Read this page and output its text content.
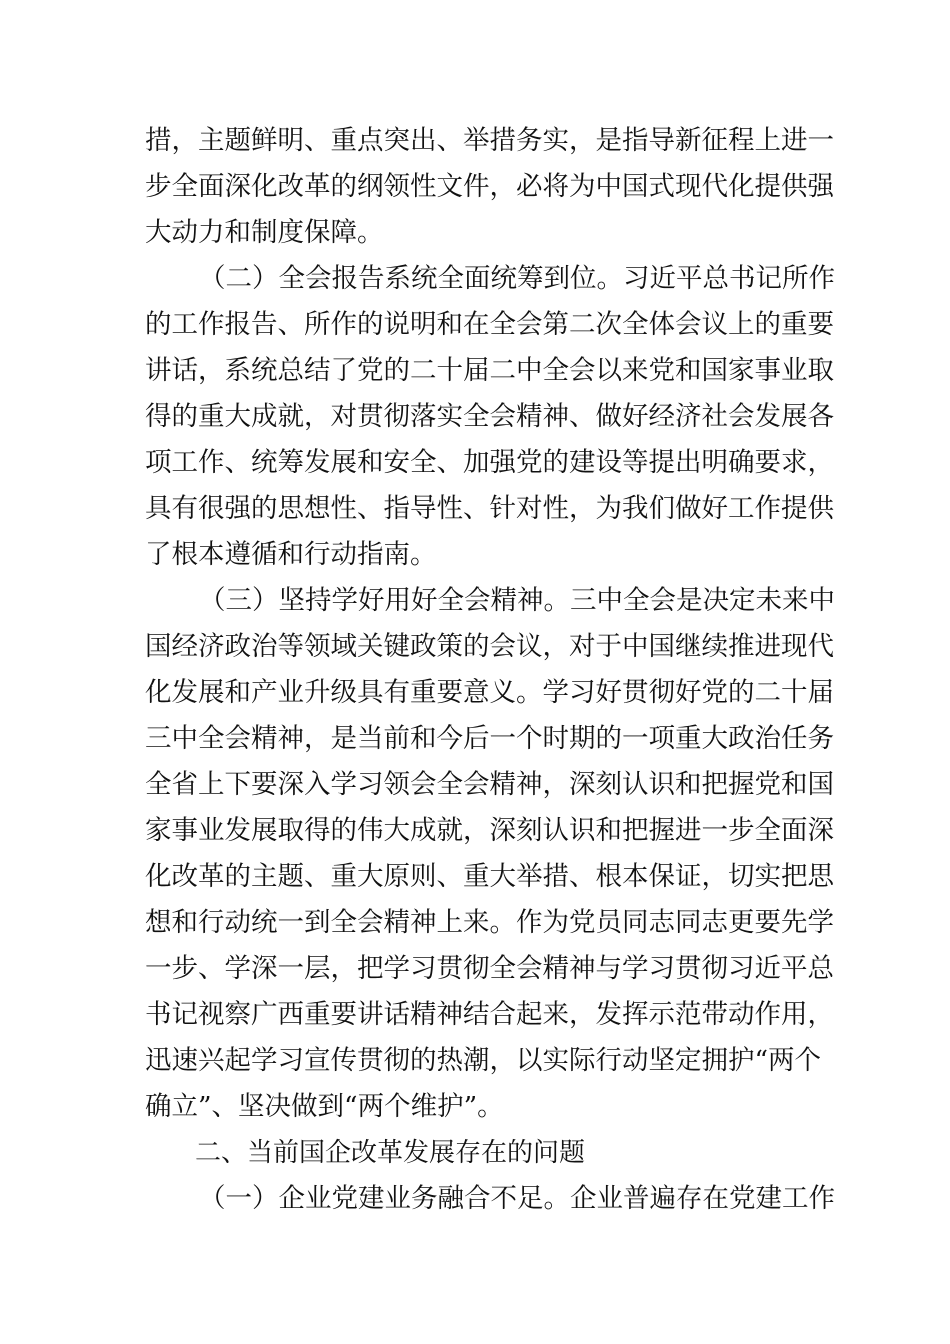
措，主题鲜明、重点突出、举措务实，是指导新征程上进一
步全面深化改革的纲领性文件，必将为中国式现代化提供强
大动力和制度保障。
（二）全会报告系统全面统筹到位。习近平总书记所作
的工作报告、所作的说明和在全会第二次全体会议上的重要
讲话，系统总结了党的二十届二中全会以来党和国家事业取
得的重大成就，对贯彻落实全会精神、做好经济社会发展各
项工作、统筹发展和安全、加强党的建设等提出明确要求，
具有很强的思想性、指导性、针对性，为我们做好工作提供
了根本遵循和行动指南。
（三）坚持学好用好全会精神。三中全会是决定未来中
国经济政治等领域关键政策的会议，对于中国继续推进现代
化发展和产业升级具有重要意义。学习好贯彻好党的二十届
三中全会精神，是当前和今后一个时期的一项重大政治任务
全省上下要深入学习领会全会精神，深刻认识和把握党和国
家事业发展取得的伟大成就，深刻认识和把握进一步全面深
化改革的主题、重大原则、重大举措、根本保证，切实把思
想和行动统一到全会精神上来。作为党员同志同志更要先学
一步、学深一层，把学习贯彻全会精神与学习贯彻习近平总
书记视察广西重要讲话精神结合起来，发挥示范带动作用，
迅速兴起学习宣传贯彻的热潮，以实际行动坚定拥护“两个
确立”、坚决做到“两个维护”。
二、当前国企改革发展存在的问题
（一）企业党建业务融合不足。企业普遍存在党建工作
